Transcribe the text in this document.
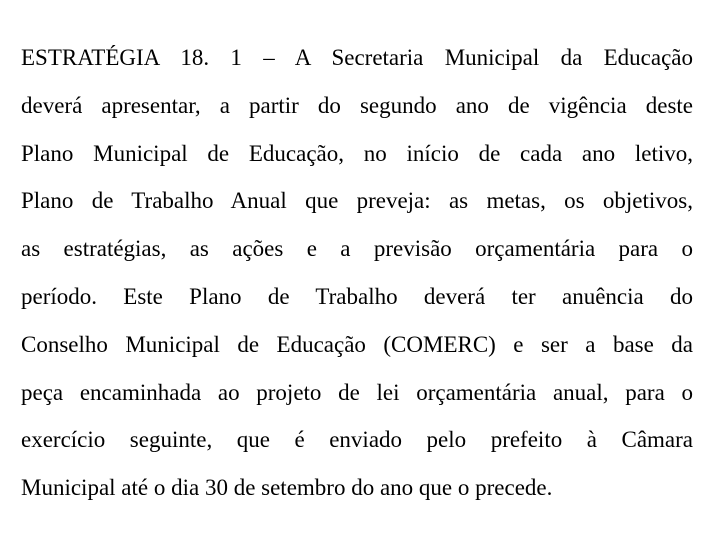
ESTRATÉGIA 18. 1 – A Secretaria Municipal da Educação
deverá apresentar, a partir do segundo ano de vigência deste
Plano Municipal de Educação, no início de cada ano letivo,
Plano de Trabalho Anual que preveja: as metas, os objetivos,
as estratégias, as ações e a previsão orçamentária para o
período. Este Plano de Trabalho deverá ter anuência do
Conselho Municipal de Educação (COMERC) e ser a base da
peça encaminhada ao projeto de lei orçamentária anual, para o
exercício seguinte, que é enviado pelo prefeito à Câmara
Municipal até o dia 30 de setembro do ano que o precede.
